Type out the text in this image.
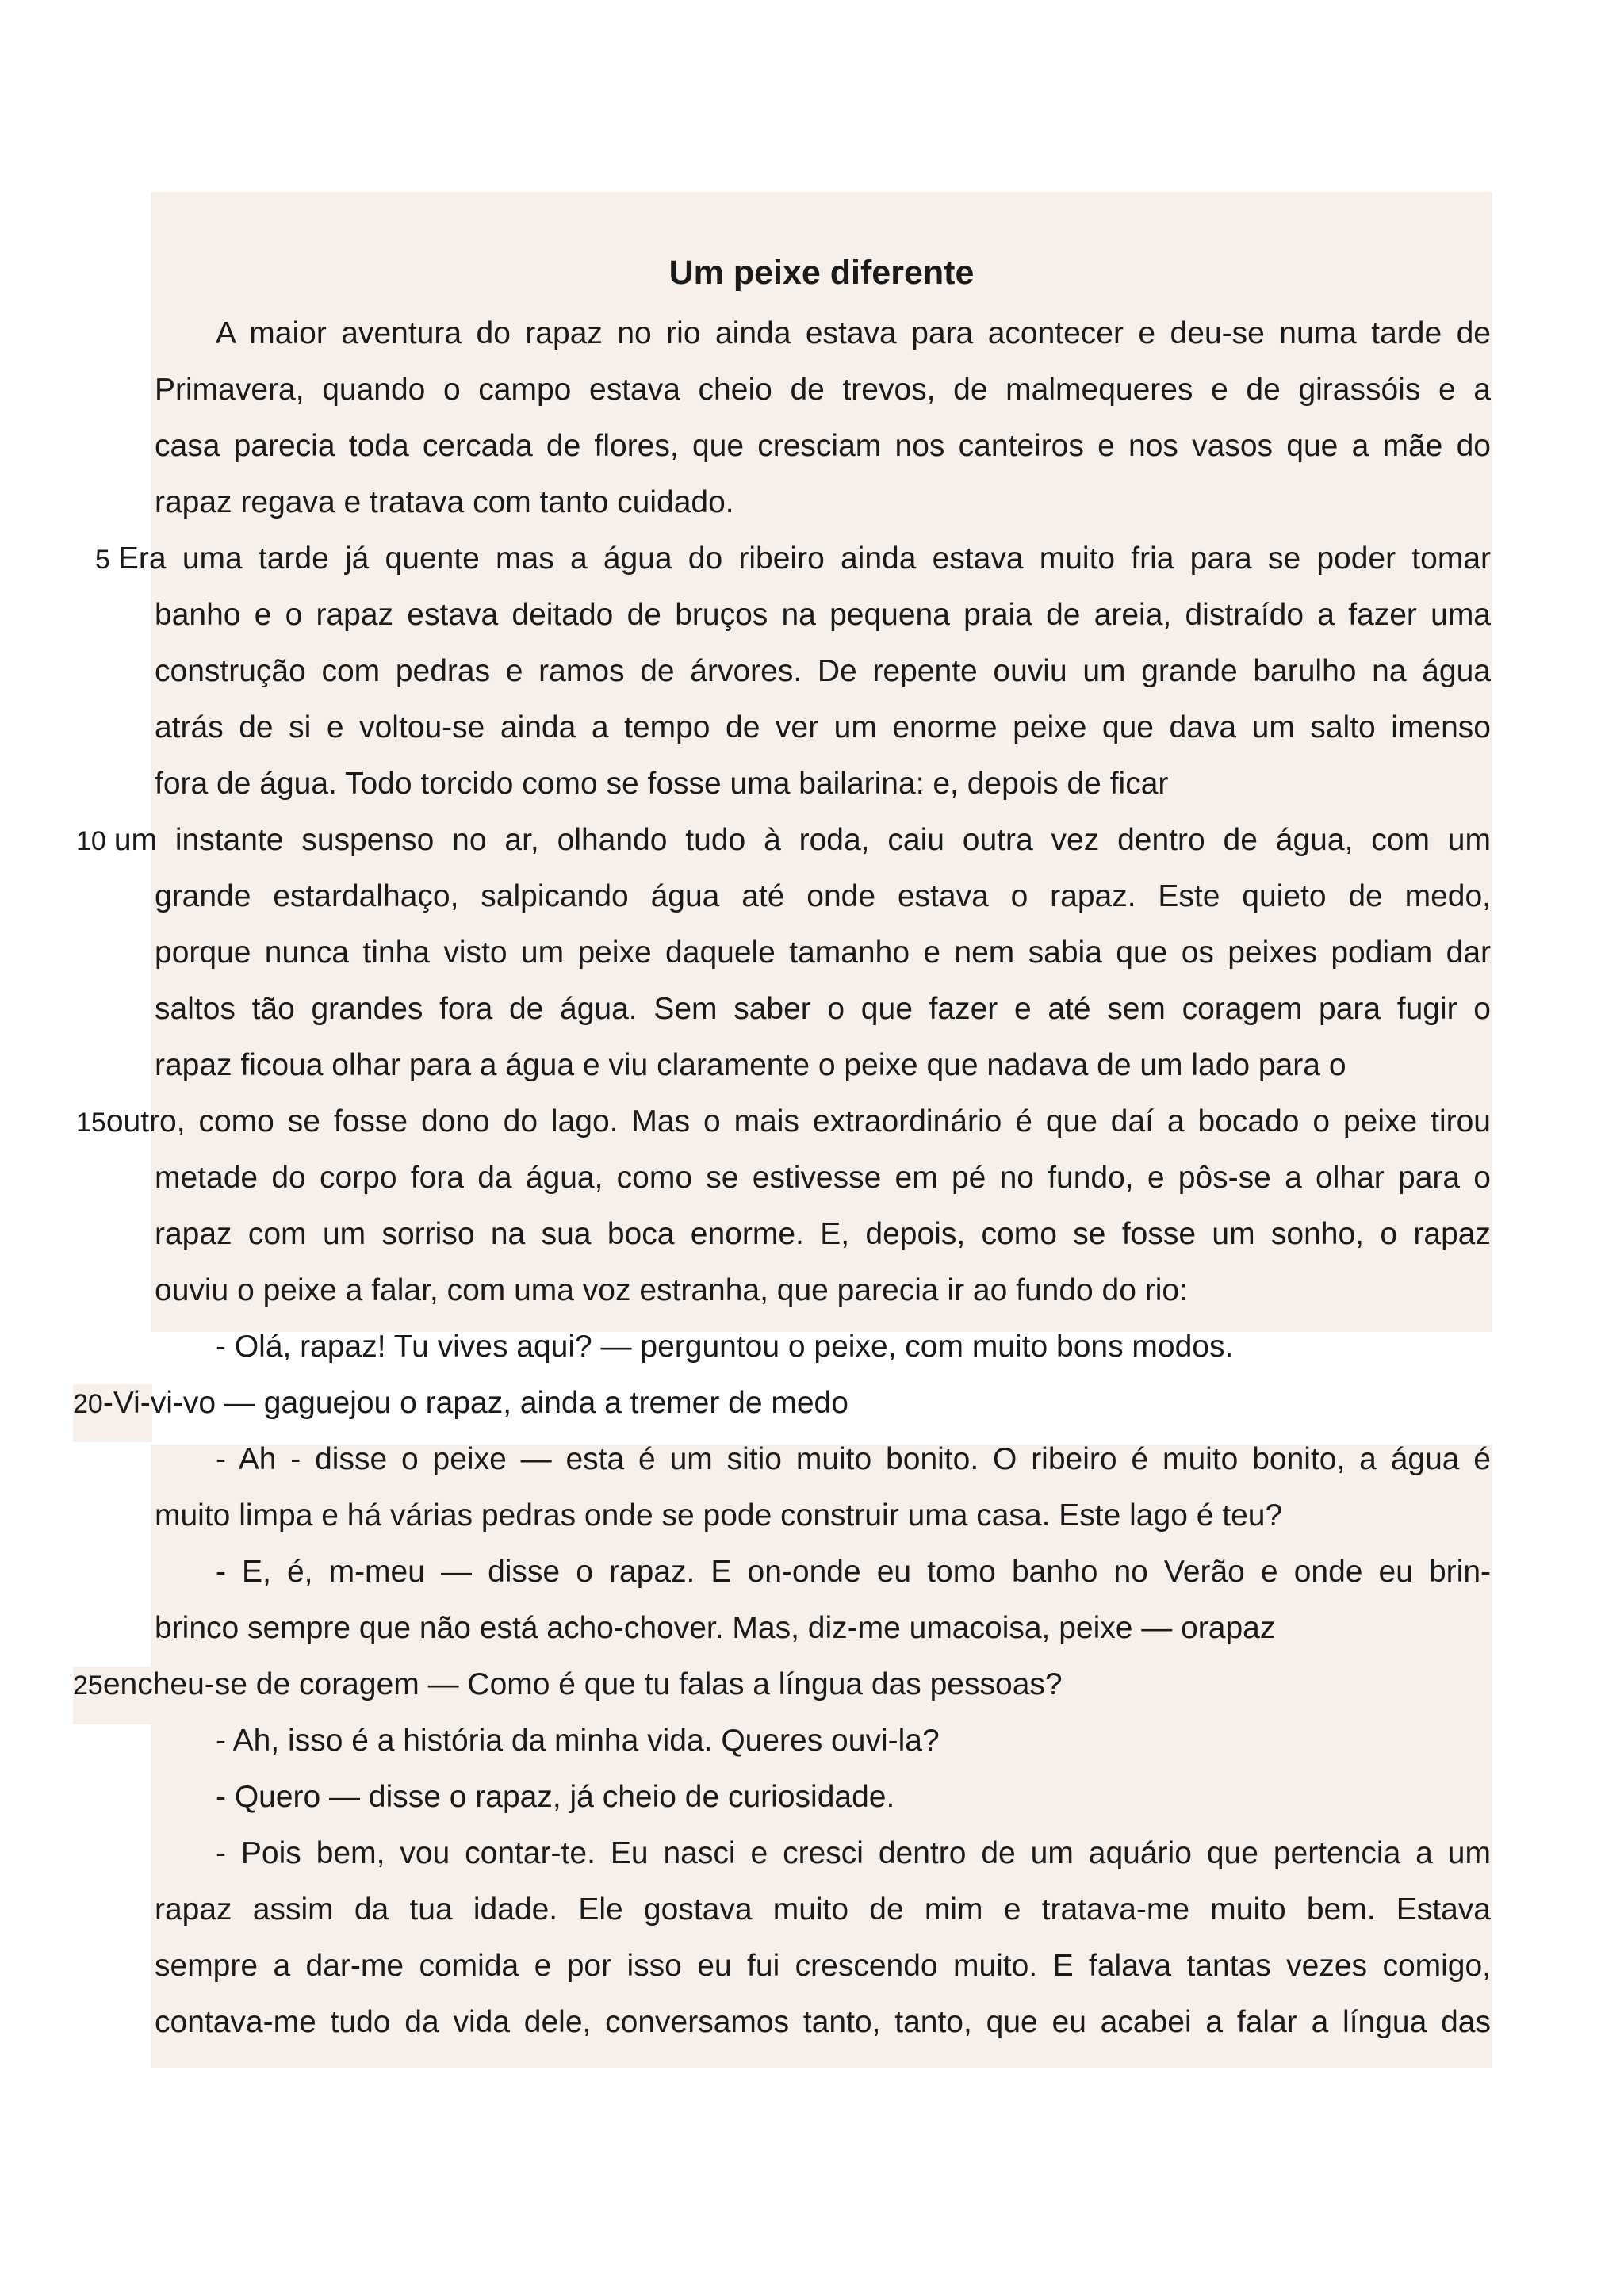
Um peixe diferente
A maior aventura do rapaz no rio ainda estava para acontecer e deu-se numa tarde de
Primavera, quando o campo estava cheio de trevos, de malmequeres e de girassóis e a
casa parecia toda cercada de flores, que cresciam nos canteiros e nos vasos que a mãe do
rapaz regava e tratava com tanto cuidado.
5 Era uma tarde já quente mas a água do ribeiro ainda estava muito fria para se poder tomar
banho e o rapaz estava deitado de bruços na pequena praia de areia, distraído a fazer uma
construção com pedras e ramos de árvores. De repente ouviu um grande barulho na água
atrás de si e voltou-se ainda a tempo de ver um enorme peixe que dava um salto imenso
fora de água. Todo torcido como se fosse uma bailarina: e, depois de ficar
10 um instante suspenso no ar, olhando tudo à roda, caiu outra vez dentro de água, com um
grande estardalhaço, salpicando água até onde estava o rapaz. Este quieto de medo,
porque nunca tinha visto um peixe daquele tamanho e nem sabia que os peixes podiam dar
saltos tão grandes fora de água. Sem saber o que fazer e até sem coragem para fugir o
rapaz ficoua olhar para a água e viu claramente o peixe que nadava de um lado para o
15outro, como se fosse dono do lago. Mas o mais extraordinário é que daí a bocado o peixe tirou
metade do corpo fora da água, como se estivesse em pé no fundo, e pôs-se a olhar para o
rapaz com um sorriso na sua boca enorme. E, depois, como se fosse um sonho, o rapaz
ouviu o peixe a falar, com uma voz estranha, que parecia ir ao fundo do rio:
- Olá, rapaz! Tu vives aqui? — perguntou o peixe, com muito bons modos.
20-Vi-vi-vo — gaguejou o rapaz, ainda a tremer de medo
- Ah - disse o peixe — esta é um sitio muito bonito. O ribeiro é muito bonito, a água é
muito limpa e há várias pedras onde se pode construir uma casa. Este lago é teu?
- E, é, m-meu — disse o rapaz. E on-onde eu tomo banho no Verão e onde eu brin-
brinco sempre que não está acho-chover. Mas, diz-me umacoisa, peixe — orapaz
25encheu-se de coragem — Como é que tu falas a língua das pessoas?
- Ah, isso é a história da minha vida. Queres ouvi-la?
- Quero — disse o rapaz, já cheio de curiosidade.
- Pois bem, vou contar-te. Eu nasci e cresci dentro de um aquário que pertencia a um
rapaz assim da tua idade. Ele gostava muito de mim e tratava-me muito bem. Estava
sempre a dar-me comida e por isso eu fui crescendo muito. E falava tantas vezes comigo,
contava-me tudo da vida dele, conversamos tanto, tanto, que eu acabei a falar a língua das
